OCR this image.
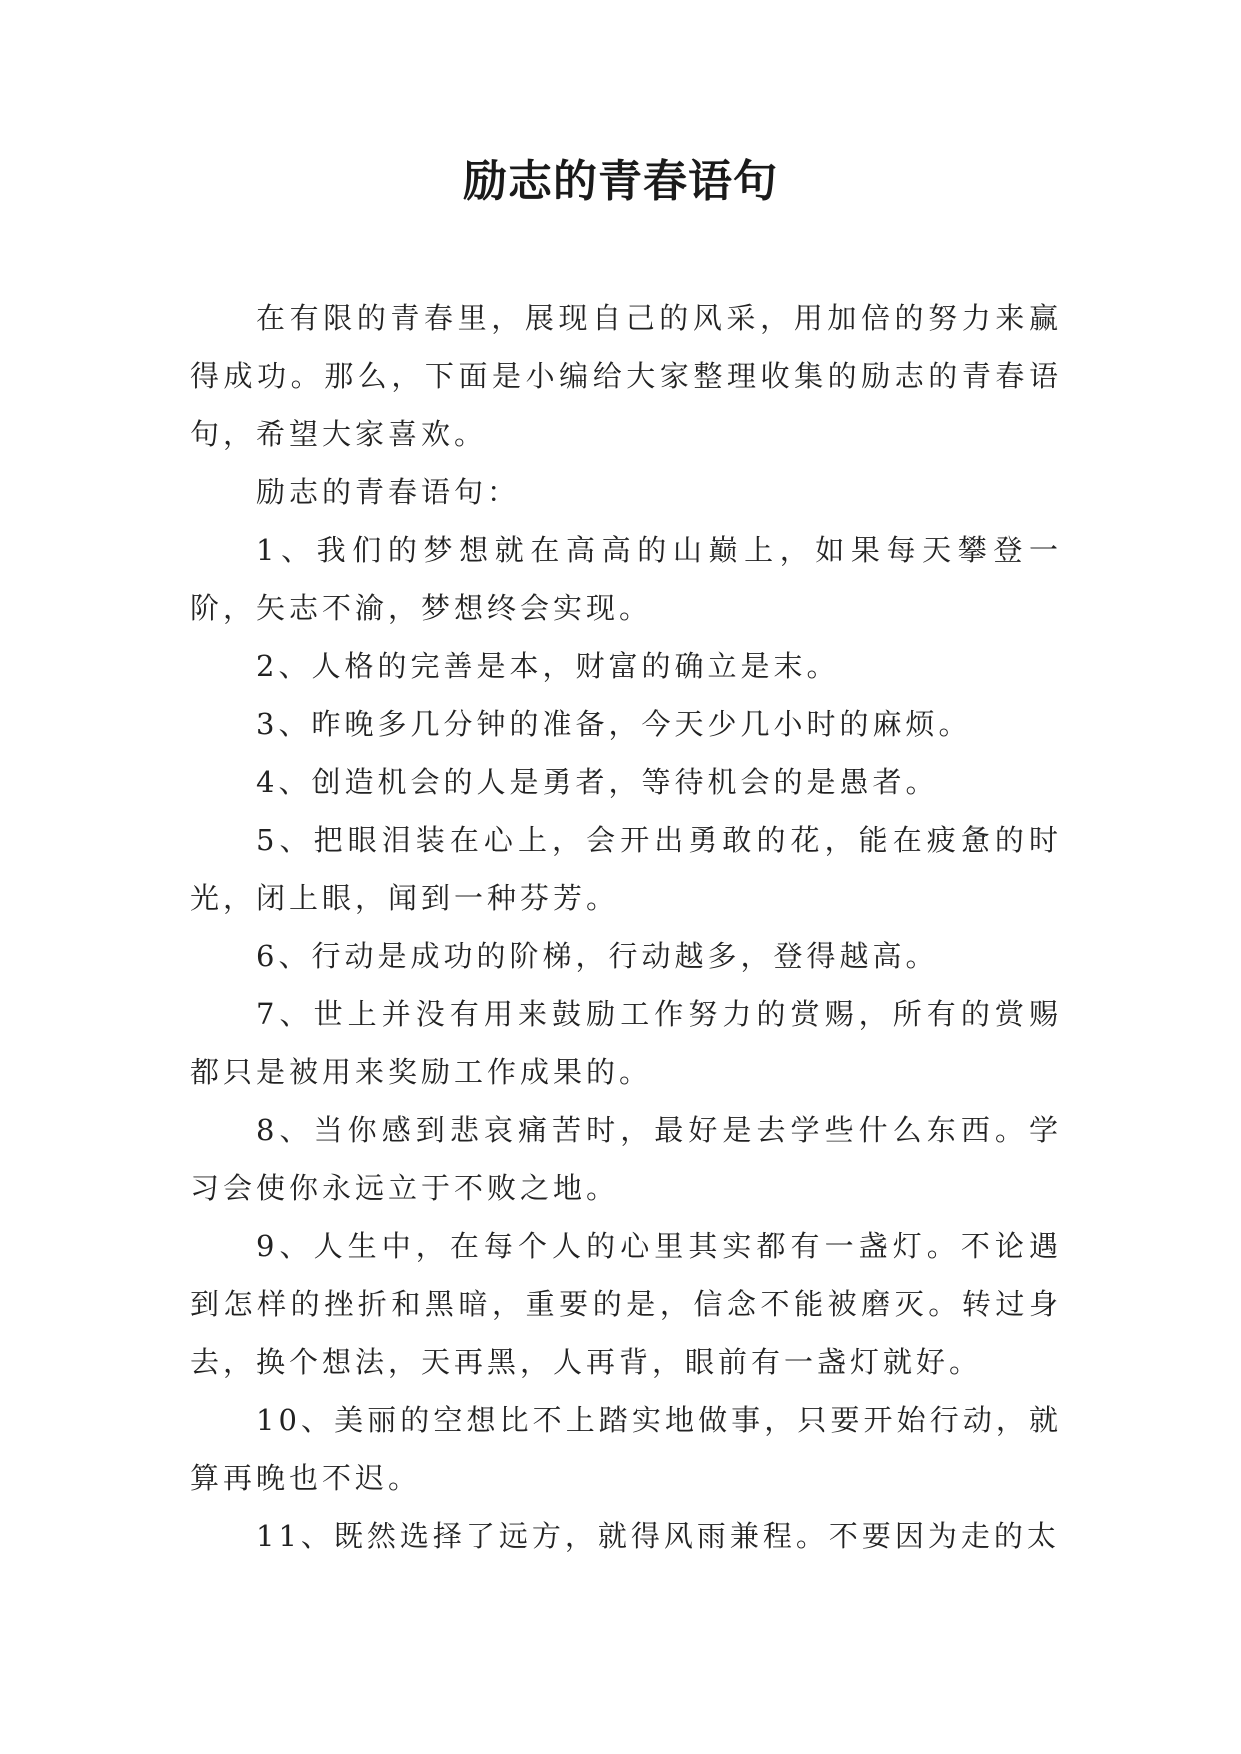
励志的青春语句

在有限的青春里，展现自己的风采，用加倍的努力来赢得成功。那么，下面是小编给大家整理收集的励志的青春语句，希望大家喜欢。

励志的青春语句：

1、我们的梦想就在高高的山巅上，如果每天攀登一阶，矢志不渝，梦想终会实现。

2、人格的完善是本，财富的确立是末。

3、昨晚多几分钟的准备，今天少几小时的麻烦。

4、创造机会的人是勇者，等待机会的是愚者。

5、把眼泪装在心上，会开出勇敢的花，能在疲惫的时光，闭上眼，闻到一种芬芳。

6、行动是成功的阶梯，行动越多，登得越高。

7、世上并没有用来鼓励工作努力的赏赐，所有的赏赐都只是被用来奖励工作成果的。

8、当你感到悲哀痛苦时，最好是去学些什么东西。学习会使你永远立于不败之地。

9、人生中，在每个人的心里其实都有一盏灯。不论遇到怎样的挫折和黑暗，重要的是，信念不能被磨灭。转过身去，换个想法，天再黑，人再背，眼前有一盏灯就好。

10、美丽的空想比不上踏实地做事，只要开始行动，就算再晚也不迟。

11、既然选择了远方，就得风雨兼程。不要因为走的太
